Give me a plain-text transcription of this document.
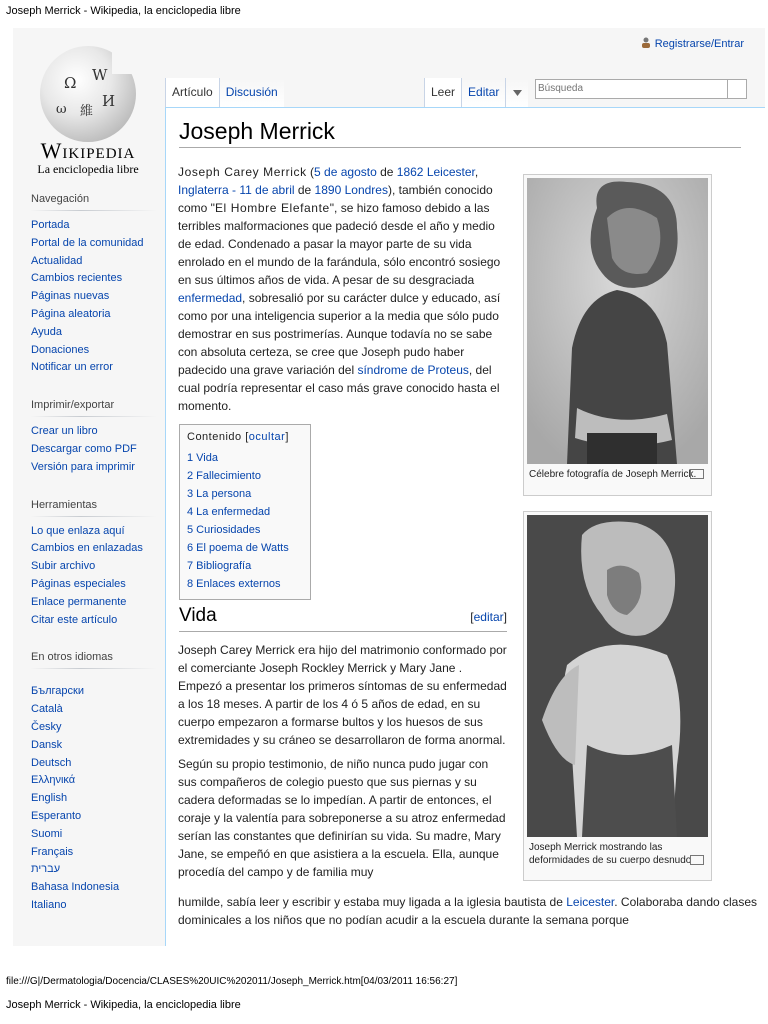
Joseph Merrick - Wikipedia, la enciclopedia libre
Ω W
И
維
ω
Wikipedia
La enciclopedia libre
Registrarse/Entrar
Artículo	Discusión	Leer	Editar
Búsqueda
Navegación
Portada
Portal de la comunidad
Actualidad
Cambios recientes
Páginas nuevas
Página aleatoria
Ayuda
Donaciones
Notificar un error
Imprimir/exportar
Crear un libro
Descargar como PDF
Versión para imprimir
Herramientas
Lo que enlaza aquí
Cambios en enlazadas
Subir archivo
Páginas especiales
Enlace permanente
Citar este artículo
En otros idiomas
Български
Català
Česky
Dansk
Deutsch
Ελληνικά
English
Esperanto
Suomi
Français
עברית
Bahasa Indonesia
Italiano
Joseph Merrick
Joseph Carey Merrick (5 de agosto de 1862 Leicester, Inglaterra - 11 de abril de 1890 Londres), también conocido como "El Hombre Elefante", se hizo famoso debido a las terribles malformaciones que padeció desde el año y medio de edad. Condenado a pasar la mayor parte de su vida enrolado en el mundo de la farándula, sólo encontró sosiego en sus últimos años de vida. A pesar de su desgraciada enfermedad, sobresalió por su carácter dulce y educado, así como por una inteligencia superior a la media que sólo pudo demostrar en sus postrimerías. Aunque todavía no se sabe con absoluta certeza, se cree que Joseph pudo haber padecido una grave variación del síndrome de Proteus, del cual podría representar el caso más grave conocido hasta el momento.
Célebre fotografía de Joseph Merrick.
Contenido [ocultar]
1 Vida
2 Fallecimiento
3 La persona
4 La enfermedad
5 Curiosidades
6 El poema de Watts
7 Bibliografía
8 Enlaces externos
Vida	[editar]

Joseph Carey Merrick era hijo del matrimonio conformado por el comerciante Joseph Rockley Merrick y Mary Jane . Empezó a presentar los primeros síntomas de su enfermedad a los 18 meses. A partir de los 4 ó 5 años de edad, en su cuerpo empezaron a formarse bultos y los huesos de sus extremidades y su cráneo se desarrollaron de forma anormal.

Según su propio testimonio, de niño nunca pudo jugar con sus compañeros de colegio puesto que sus piernas y su cadera deformadas se lo impedían. A partir de entonces, el coraje y la valentía para sobreponerse a su atroz enfermedad serían las constantes que definirían su vida. Su madre, Mary Jane, se empeñó en que asistiera a la escuela. Ella, aunque procedía del campo y de familia muy

Joseph Merrick mostrando las deformidades de su cuerpo desnudo
humilde, sabía leer y escribir y estaba muy ligada a la iglesia bautista de Leicester. Colaboraba dando clases dominicales a los niños que no podían acudir a la escuela durante la semana porque
file:///G|/Dermatologia/Docencia/CLASES%20UIC%202011/Joseph_Merrick.htm[04/03/2011 16:56:27]
Joseph Merrick - Wikipedia, la enciclopedia libre
